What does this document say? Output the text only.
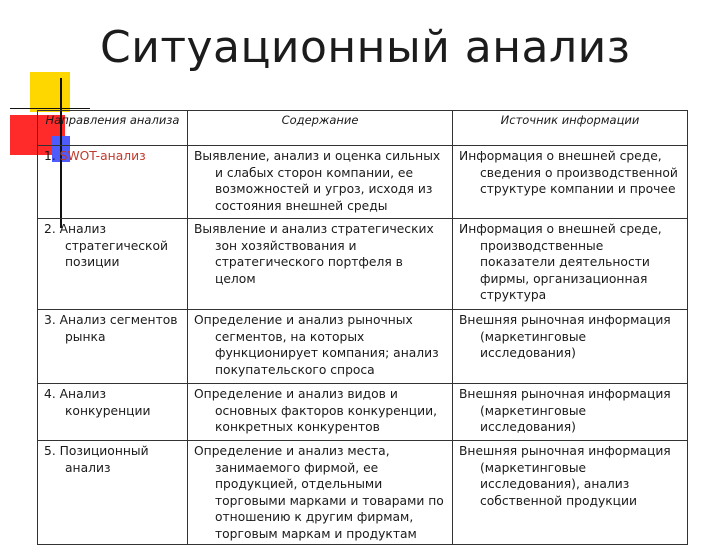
Ситуационный анализ
Направления анализа	Содержание	Источник информации
1. SWOT-анализ	Выявление, анализ и оценка сильных и слабых сторон компании, ее возможностей и угроз, исходя из состояния внешней среды	Информация о внешней среде, сведения о производственной структуре компании и прочее
2. Анализ стратегической позиции	Выявление и анализ стратегических зон хозяйствования и стратегического портфеля в целом	Информация о внешней среде, производственные показатели деятельности фирмы, организационная структура
3. Анализ сегментов рынка	Определение и анализ рыночных сегментов, на которых функционирует компания; анализ покупательского спроса	Внешняя рыночная информация (маркетинговые исследования)
4. Анализ конкуренции	Определение и анализ видов и основных факторов конкуренции, конкретных конкурентов	Внешняя рыночная информация (маркетинговые исследования)
5. Позиционный анализ	Определение и анализ места, занимаемого фирмой, ее продукцией, отдельными торговыми марками и товарами по отношению к другим фирмам, торговым маркам и продуктам	Внешняя рыночная информация (маркетинговые исследования), анализ собственной продукции
